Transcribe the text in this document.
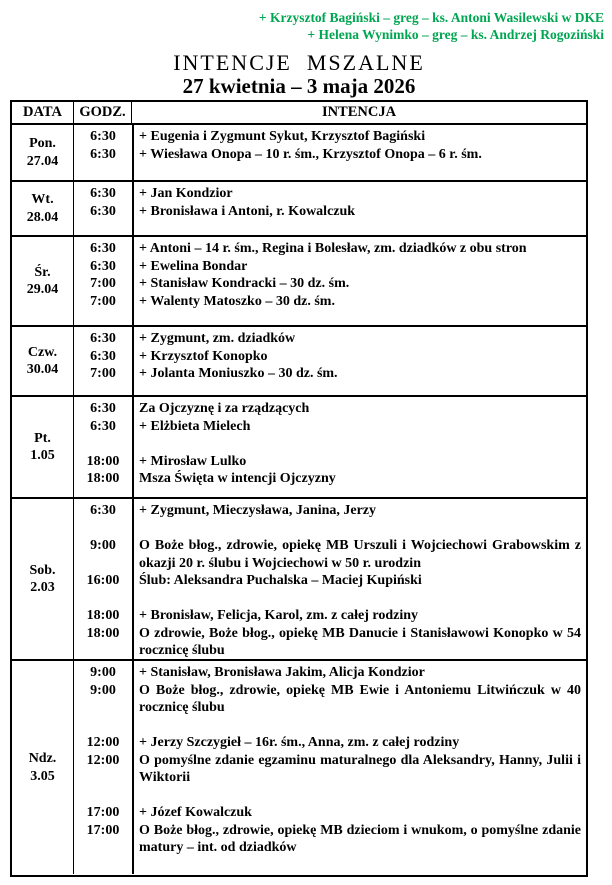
+ Krzysztof Bagiński – greg – ks. Antoni Wasilewski w DKE
+ Helena Wynimko – greg – ks. Andrzej Rogoziński
INTENCJE  MSZALNE
27 kwietnia – 3 maja 2026
DATA	GODZ.	INTENCJA
Pon.
27.04
6:30	+ Eugenia i Zygmunt Sykut, Krzysztof Bagiński
6:30	+ Wiesława Onopa – 10 r. śm., Krzysztof Onopa – 6 r. śm.
Wt.
28.04
6:30	+ Jan Kondzior
6:30	+ Bronisława i Antoni, r. Kowalczuk
Śr.
29.04
6:30	+ Antoni – 14 r. śm., Regina i Bolesław, zm. dziadków z obu stron
6:30	+ Ewelina Bondar
7:00	+ Stanisław Kondracki – 30 dz. śm.
7:00	+ Walenty Matoszko – 30 dz. śm.
Czw.
30.04
6:30	+ Zygmunt, zm. dziadków
6:30	+ Krzysztof Konopko
7:00	+ Jolanta Moniuszko – 30 dz. śm.
Pt.
1.05
6:30	Za Ojczyznę i za rządzących
6:30	+ Elżbieta Mielech
18:00	+ Mirosław Lulko
18:00	Msza Święta w intencji Ojczyzny
Sob.
2.03
6:30	+ Zygmunt, Mieczysława, Janina, Jerzy
9:00	O Boże błog., zdrowie, opiekę MB Urszuli i Wojciechowi Grabowskim z okazji 20 r. ślubu i Wojciechowi w 50 r. urodzin
16:00	Ślub: Aleksandra Puchalska – Maciej Kupiński
18:00	+ Bronisław, Felicja, Karol, zm. z całej rodziny
18:00	O zdrowie, Boże błog., opiekę MB Danucie i Stanisławowi Konopko w 54 rocznicę ślubu
Ndz.
3.05
9:00	+ Stanisław, Bronisława Jakim, Alicja Kondzior
9:00	O Boże błog., zdrowie, opiekę MB Ewie i Antoniemu Litwińczuk w 40 rocznicę ślubu
12:00	+ Jerzy Szczygieł – 16r. śm., Anna, zm. z całej rodziny
12:00	O pomyślne zdanie egzaminu maturalnego dla Aleksandry, Hanny, Julii i Wiktorii
17:00	+ Józef Kowalczuk
17:00	O Boże błog., zdrowie, opiekę MB dzieciom i wnukom, o pomyślne zdanie matury – int. od dziadków
